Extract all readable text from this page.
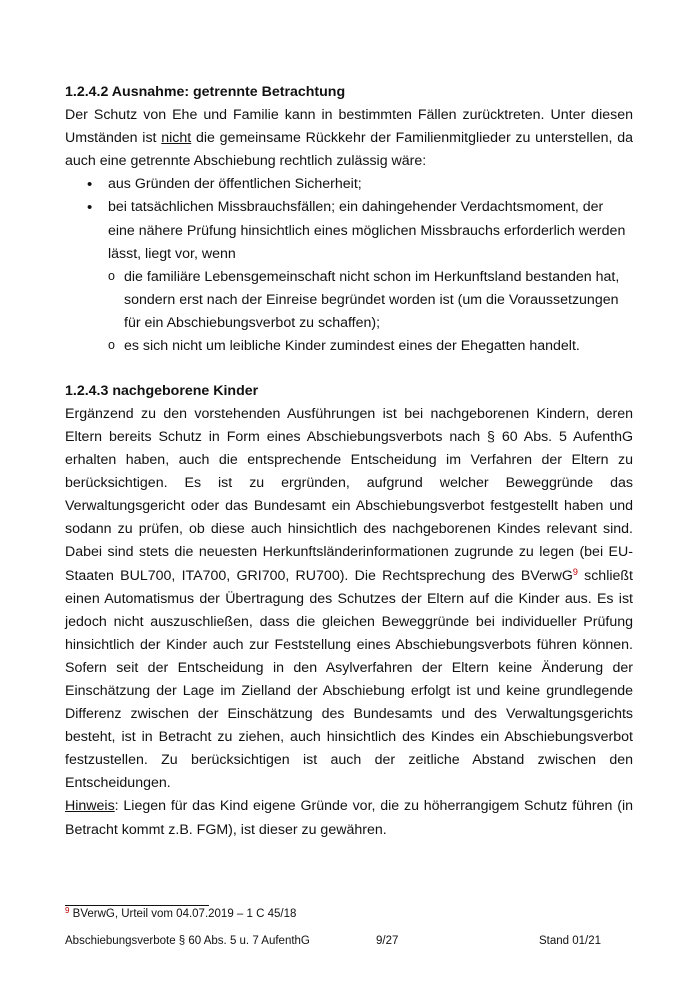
1.2.4.2 Ausnahme: getrennte Betrachtung

Der Schutz von Ehe und Familie kann in bestimmten Fällen zurücktreten. Unter diesen Umständen ist nicht die gemeinsame Rückkehr der Familienmitglieder zu unterstellen, da auch eine getrennte Abschiebung rechtlich zulässig wäre:

• aus Gründen der öffentlichen Sicherheit;
• bei tatsächlichen Missbrauchsfällen; ein dahingehender Verdachtsmoment, der eine nähere Prüfung hinsichtlich eines möglichen Missbrauchs erforderlich werden lässt, liegt vor, wenn
o die familiäre Lebensgemeinschaft nicht schon im Herkunftsland bestanden hat, sondern erst nach der Einreise begründet worden ist (um die Voraussetzungen für ein Abschiebungsverbot zu schaffen);
o es sich nicht um leibliche Kinder zumindest eines der Ehegatten handelt.
1.2.4.3 nachgeborene Kinder

Ergänzend zu den vorstehenden Ausführungen ist bei nachgeborenen Kindern, deren Eltern bereits Schutz in Form eines Abschiebungsverbots nach § 60 Abs. 5 AufenthG erhalten haben, auch die entsprechende Entscheidung im Verfahren der Eltern zu berücksichtigen. Es ist zu ergründen, aufgrund welcher Beweggründe das Verwaltungsgericht oder das Bundesamt ein Abschiebungsverbot festgestellt haben und sodann zu prüfen, ob diese auch hinsichtlich des nachgeborenen Kindes relevant sind. Dabei sind stets die neuesten Herkunftsländerinformationen zugrunde zu legen (bei EU-Staaten BUL700, ITA700, GRI700, RU700). Die Rechtsprechung des BVerwG$^9$ schließt einen Automatismus der Übertragung des Schutzes der Eltern auf die Kinder aus. Es ist jedoch nicht auszuschließen, dass die gleichen Beweggründe bei individueller Prüfung hinsichtlich der Kinder auch zur Feststellung eines Abschiebungsverbots führen können. Sofern seit der Entscheidung in den Asylverfahren der Eltern keine Änderung der Einschätzung der Lage im Zielland der Abschiebung erfolgt ist und keine grundlegende Differenz zwischen der Einschätzung des Bundesamts und des Verwaltungsgerichts besteht, ist in Betracht zu ziehen, auch hinsichtlich des Kindes ein Abschiebungsverbot festzustellen. Zu berücksichtigen ist auch der zeitliche Abstand zwischen den Entscheidungen.

Hinweis: Liegen für das Kind eigene Gründe vor, die zu höherrangigem Schutz führen (in Betracht kommt z.B. FGM), ist dieser zu gewähren.

$^9$ BVerwG, Urteil vom 04.07.2019 – 1 C 45/18
Abschiebungsverbote § 60 Abs. 5 u. 7 AufenthG	9/27	Stand 01/21
